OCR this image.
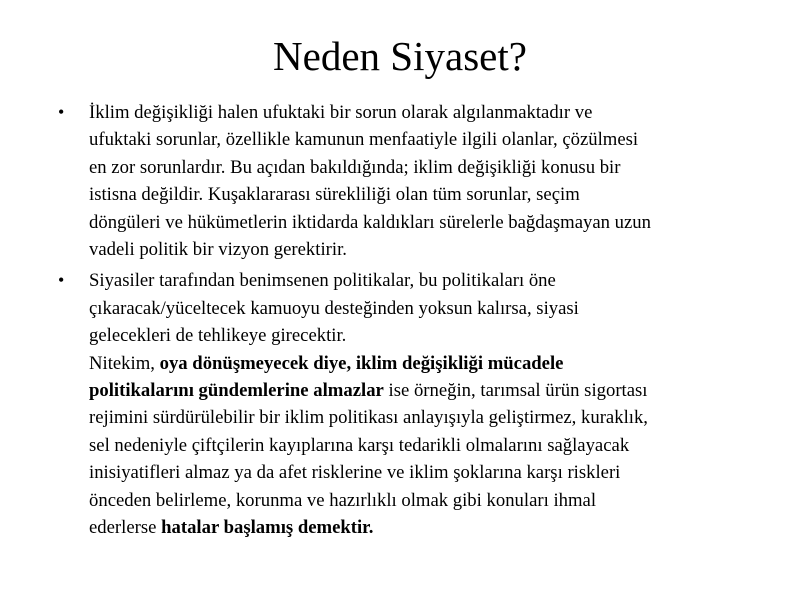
Neden Siyaset?
• İklim değişikliği halen ufuktaki bir sorun olarak algılanmaktadır ve
ufuktaki sorunlar, özellikle kamunun menfaatiyle ilgili olanlar, çözülmesi
en zor sorunlardır. Bu açıdan bakıldığında; iklim değişikliği konusu bir
istisna değildir. Kuşaklararası sürekliliği olan tüm sorunlar, seçim
döngüleri ve hükümetlerin iktidarda kaldıkları sürelerle bağdaşmayan uzun
vadeli politik bir vizyon gerektirir.
• Siyasiler tarafından benimsenen politikalar, bu politikaları öne
çıkaracak/yüceltecek kamuoyu desteğinden yoksun kalırsa, siyasi
gelecekleri de tehlikeye girecektir.
Nitekim, oya dönüşmeyecek diye, iklim değişikliği mücadele
politikalarını gündemlerine almazlar ise örneğin, tarımsal ürün sigortası
rejimini sürdürülebilir bir iklim politikası anlayışıyla geliştirmez, kuraklık,
sel nedeniyle çiftçilerin kayıplarına karşı tedarikli olmalarını sağlayacak
inisiyatifleri almaz ya da afet risklerine ve iklim şoklarına karşı riskleri
önceden belirleme, korunma ve hazırlıklı olmak gibi konuları ihmal
ederlerse hatalar başlamış demektir.
